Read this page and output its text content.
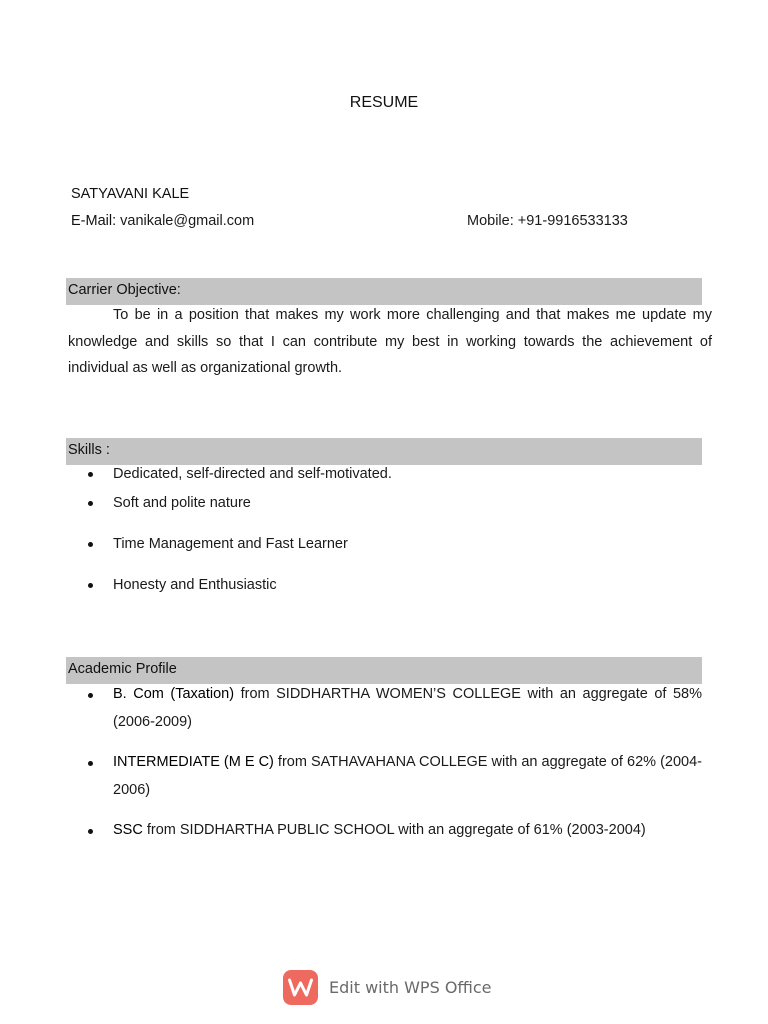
RESUME
SATYAVANI KALE
E-Mail: vanikale@gmail.com	Mobile: +91-9916533133
Carrier Objective:
To be in a position that makes my work more challenging and that makes me update my knowledge and skills so that I can contribute my best in working towards the achievement of individual as well as organizational growth.
Skills :
Dedicated, self-directed and self-motivated.
Soft and polite nature
Time Management and Fast Learner
Honesty and Enthusiastic
Academic Profile
B. Com (Taxation) from SIDDHARTHA WOMEN’S COLLEGE with an aggregate of 58% (2006-2009)
INTERMEDIATE (M E C) from SATHAVAHANA COLLEGE with an aggregate of 62% (2004-2006)
SSC from SIDDHARTHA PUBLIC SCHOOL with an aggregate of 61% (2003-2004)
Edit with WPS Office
